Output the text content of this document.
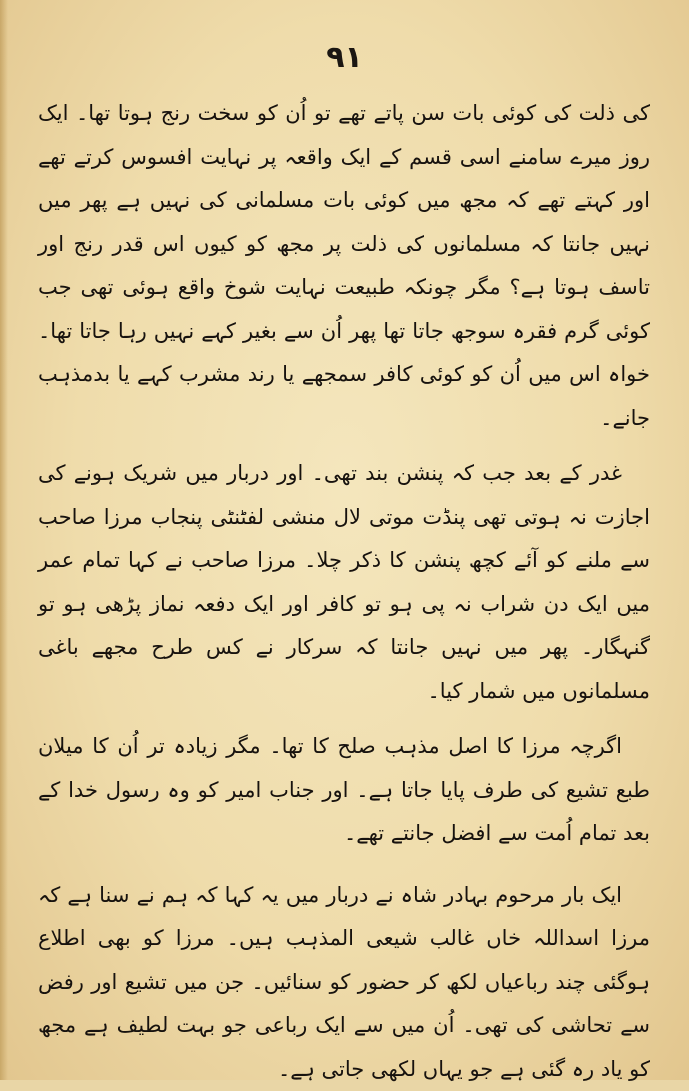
۹۱

کی ذلت کی کوئی بات سن پاتے تھے تو اُن کو سخت رنج ہوتا تھا۔ ایک روز میرے سامنے اسی قسم کے ایک واقعہ پر نہایت افسوس کرتے تھے اور کہتے تھے کہ مجھ میں کوئی بات مسلمانی کی نہیں ہے پھر میں نہیں جانتا کہ مسلمانوں کی ذلت پر مجھ کو کیوں اس قدر رنج اور تاسف ہوتا ہے؟ مگر چونکہ طبیعت نہایت شوخ واقع ہوئی تھی جب کوئی گرم فقرہ سوجھ جاتا تھا پھر اُن سے بغیر کہے نہیں رہا جاتا تھا۔ خواہ اس میں اُن کو کوئی کافر سمجھے یا رند مشرب کہے یا بدمذہب جانے۔

غدر کے بعد جب کہ پنشن بند تھی۔ اور دربار میں شریک ہونے کی اجازت نہ ہوتی تھی پنڈت موتی لال منشی لفٹنٹی پنجاب مرزا صاحب سے ملنے کو آئے کچھ پنشن کا ذکر چلا۔ مرزا صاحب نے کہا تمام عمر میں ایک دن شراب نہ پی ہو تو کافر اور ایک دفعہ نماز پڑھی ہو تو گنہگار۔ پھر میں نہیں جانتا کہ سرکار نے کس طرح مجھے باغی مسلمانوں میں شمار کیا۔

اگرچہ مرزا کا اصل مذہب صلح کا تھا۔ مگر زیادہ تر اُن کا میلان طبع تشیع کی طرف پایا جاتا ہے۔ اور جناب امیر کو وہ رسول خدا کے بعد تمام اُمت سے افضل جانتے تھے۔

ایک بار مرحوم بہادر شاہ نے دربار میں یہ کہا کہ ہم نے سنا ہے کہ مرزا اسداللہ خاں غالب شیعی المذہب ہیں۔ مرزا کو بھی اطلاع ہوگئی چند رباعیاں لکھ کر حضور کو سنائیں۔ جن میں تشیع اور رفض سے تحاشی کی تھی۔ اُن میں سے ایک رباعی جو بہت لطیف ہے مجھ کو یاد رہ گئی ہے جو یہاں لکھی جاتی ہے۔
